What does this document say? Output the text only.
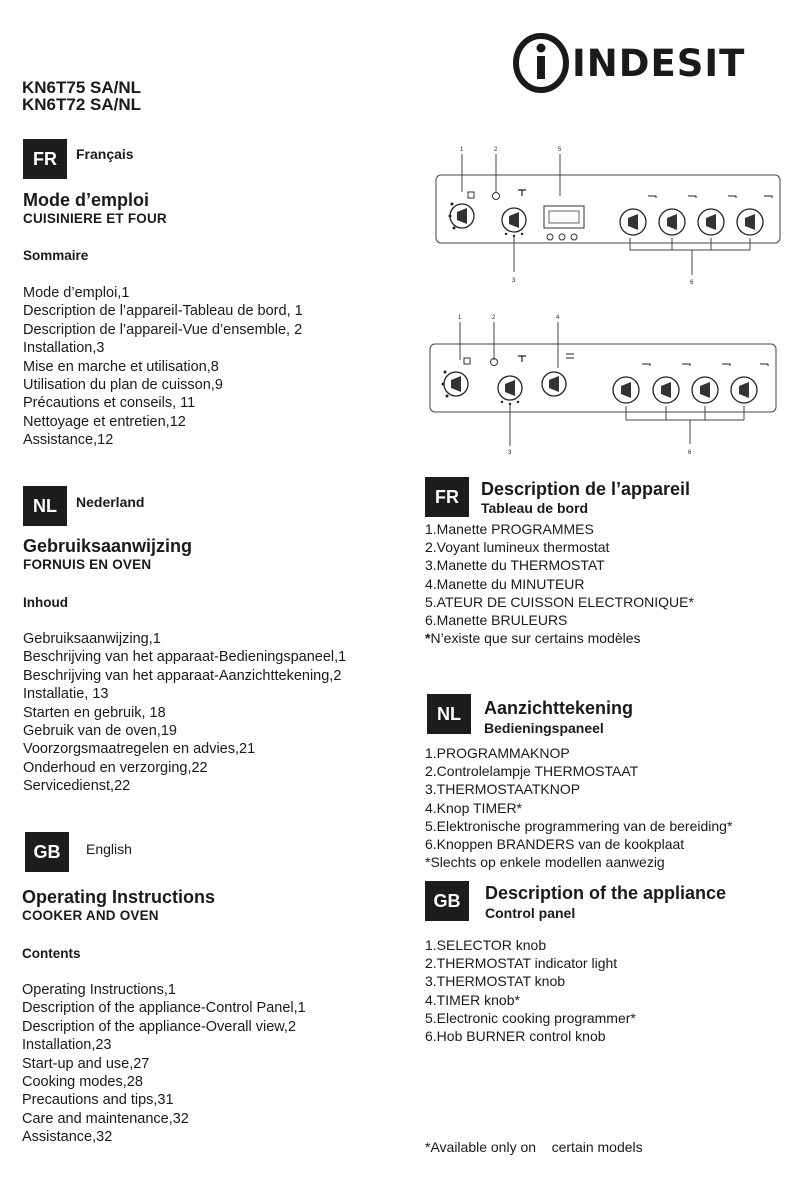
INDESIT
KN6T75 SA/NL
KN6T72 SA/NL
FR	Français
Mode d’emploi
CUISINIERE ET FOUR
Sommaire
Mode d’emploi,1
Description de l’appareil-Tableau de bord, 1
Description de l’appareil-Vue d’ensemble, 2
Installation,3
Mise en marche et utilisation,8
Utilisation du plan de cuisson,9
Précautions et conseils, 11
Nettoyage et entretien,12
Assistance,12
NL	Nederland
Gebruiksaanwijzing
FORNUIS EN OVEN
Inhoud
Gebruiksaanwijzing,1
Beschrijving van het apparaat-Bedieningspaneel,1
Beschrijving van het apparaat-Aanzichttekening,2
Installatie, 13
Starten en gebruik, 18
Gebruik van de oven,19
Voorzorgsmaatregelen en advies,21
Onderhoud en verzorging,22
Servicedienst,22
GB	English
Operating Instructions
COOKER AND OVEN
Contents
Operating Instructions,1
Description of the appliance-Control Panel,1
Description of the appliance-Overall view,2
Installation,23
Start-up and use,27
Cooking modes,28
Precautions and tips,31
Care and maintenance,32
Assistance,32
1	2	5
3	6
1	2	4
3	6
FR	Description de l’appareil
Tableau de bord
1.Manette PROGRAMMES
2.Voyant lumineux thermostat
3.Manette du THERMOSTAT
4.Manette du MINUTEUR
5.ATEUR DE CUISSON ELECTRONIQUE*
6.Manette BRULEURS
*N’existe que sur certains modèles
NL	Aanzichttekening
Bedieningspaneel
1.PROGRAMMAKNOP
2.Controlelampje THERMOSTAAT
3.THERMOSTAATKNOP
4.Knop TIMER*
5.Elektronische programmering van de bereiding*
6.Knoppen BRANDERS van de kookplaat
*Slechts op enkele modellen aanwezig
GB	Description of the appliance
Control panel
1.SELECTOR knob
2.THERMOSTAT indicator light
3.THERMOSTAT knob
4.TIMER knob*
5.Electronic cooking programmer*
6.Hob BURNER control knob
*Available only on    certain models
